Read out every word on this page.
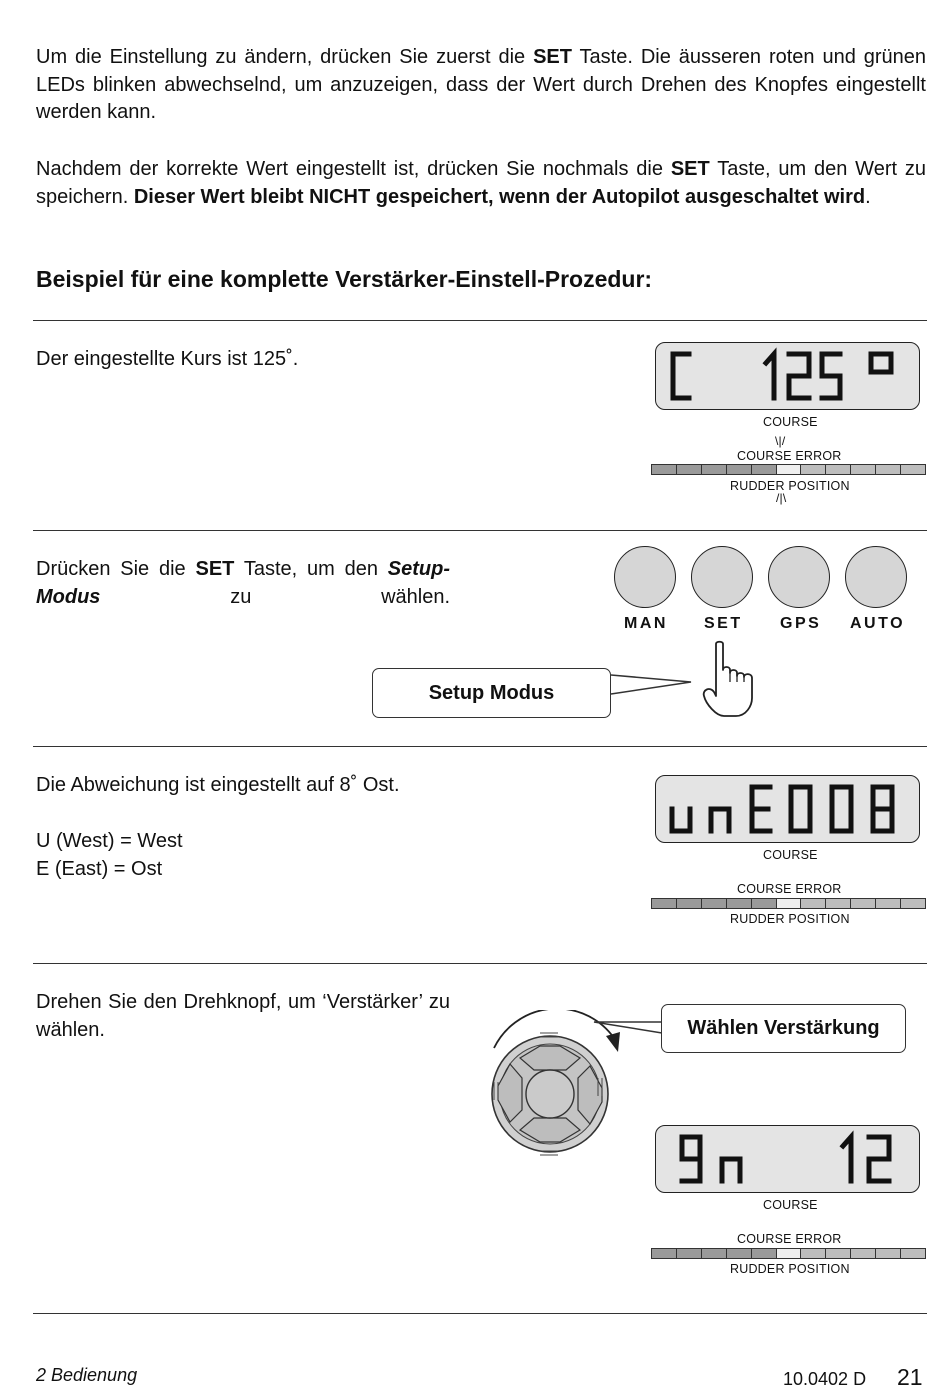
Um die Einstellung zu ändern, drücken Sie zuerst die SET Taste. Die äusseren roten und grünen LEDs blinken abwechselnd, um anzuzeigen, dass der Wert durch Drehen des Knopfes eingestellt werden kann.

Nachdem der korrekte Wert eingestellt ist, drücken Sie nochmals die SET Taste, um den Wert zu speichern. Dieser Wert bleibt NICHT gespeichert, wenn der Autopilot ausgeschaltet wird.

Beispiel für eine komplette Verstärker-Einstell-Prozedur:

Der eingestellte Kurs ist 125˚.

COURSE
\|/
COURSE ERROR
RUDDER POSITION
/|\

Drücken Sie die SET Taste, um den Setup-Modus zu wählen.

MAN SET GPS AUTO
Setup Modus

Die Abweichung ist eingestellt auf 8˚ Ost.

U (West) = West

E (East) = Ost

COURSE
COURSE ERROR
RUDDER POSITION

Drehen Sie den Drehknopf, um ‘Verstärker’ zu wählen.	Wählen Verstärkung
COURSE
COURSE ERROR
RUDDER POSITION
2 Bedienung	10.0402 D 21
